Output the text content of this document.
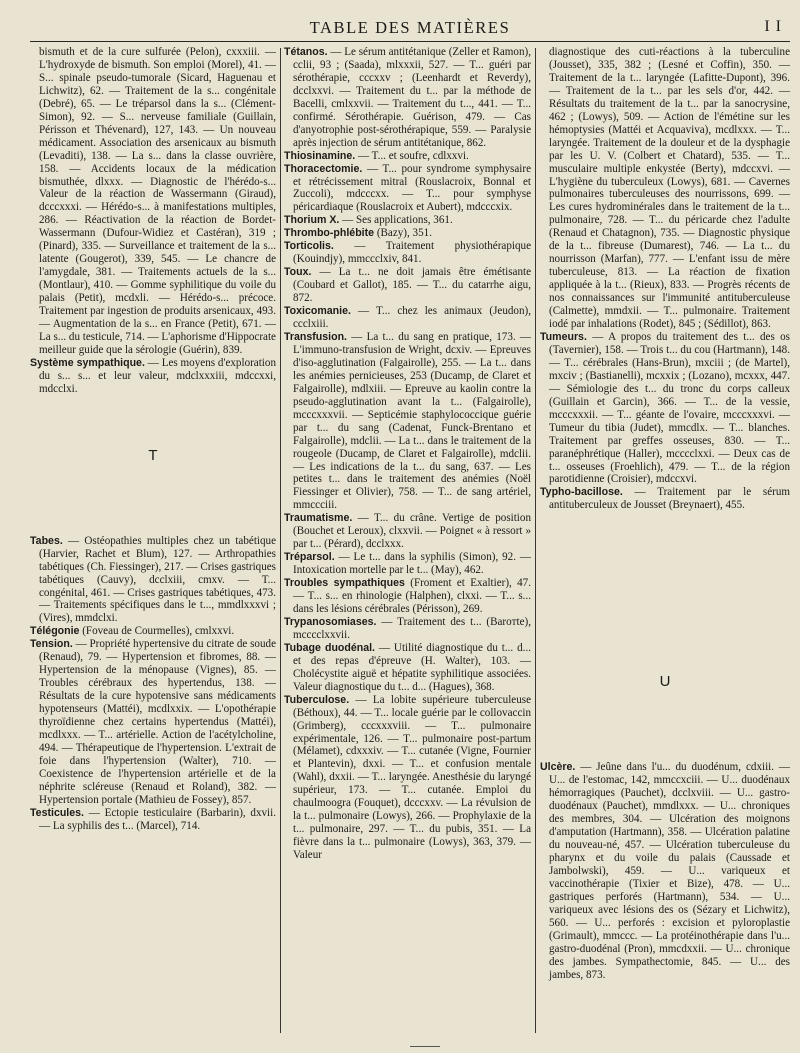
TABLE DES MATIÈRES	I I

bismuth et de la cure sulfurée (Pelon), cxxxiii. — L'hydroxyde de bismuth. Son emploi (Morel), 41. — S... spinale pseudo-tumorale (Sicard, Haguenau et Lichwitz), 62. — Traitement de la s... congénitale (Debré), 65. — Le tréparsol dans la s... (Clément-Simon), 92. — S... nerveuse familiale (Guillain, Périsson et Thévenard), 127, 143. — Un nouveau médicament. Association des arsenicaux au bismuth (Levaditi), 138. — La s... dans la classe ouvrière, 158. — Accidents locaux de la médication bismuthée, dlxxx. — Diagnostic de l'hérédo-s... Valeur de la réaction de Wassermann (Giraud), dcccxxxi. — Hérédo-s... à manifestations multiples, 286. — Réactivation de la réaction de Bordet-Wassermann (Dufour-Widiez et Castéran), 319 ; (Pinard), 335. — Surveillance et traitement de la s... latente (Gougerot), 339, 545. — Le chancre de l'amygdale, 381. — Traitements actuels de la s... (Montlaur), 410. — Gomme syphilitique du voile du palais (Petit), mcdxli. — Hérédo-s... précoce. Traitement par ingestion de produits arsenicaux, 493. — Augmentation de la s... en France (Petit), 671. — La s... du testicule, 714. — L'aphorisme d'Hippocrate meilleur guide que la sérologie (Guérin), 839.

Système sympathique. — Les moyens d'exploration du s... s... et leur valeur, mdclxxxiii, mdccxxi, mdcclxi.

T

Tabes. — Ostéopathies multiples chez un tabétique (Harvier, Rachet et Blum), 127. — Arthropathies tabétiques (Ch. Fiessinger), 217. — Crises gastriques tabétiques (Cauvy), dcclxiii, cmxv. — T... congénital, 461. — Crises gastriques tabétiques, 473. — Traitements spécifiques dans le t..., mmdlxxxvi ; (Vires), mmdclxi.

Télégonie (Foveau de Courmelles), cmlxxvi.

Tension. — Propriété hypertensive du citrate de soude (Renaud), 79. — Hypertension et fibromes, 88. — Hypertension de la ménopause (Vignes), 85. — Troubles cérébraux des hypertendus, 138. — Résultats de la cure hypotensive sans médicaments hypotenseurs (Mattéi), mcdlxxix. — L'opothérapie thyroïdienne chez certains hypertendus (Mattéi), mcdlxxx. — T... artérielle. Action de l'acétylcholine, 494. — Thérapeutique de l'hypertension. L'extrait de foie dans l'hypertension (Walter), 710. — Coexistence de l'hypertension artérielle et de la néphrite scléreuse (Renaud et Roland), 382. — Hypertension portale (Mathieu de Fossey), 857.

Testicules. — Ectopie testiculaire (Barbarin), dxvii. — La syphilis des t... (Marcel), 714.

Tétanos. — Le sérum antitétanique (Zeller et Ramon), cclii, 93 ; (Saada), mlxxxii, 527. — T... guéri par sérothérapie, cccxxv ; (Leenhardt et Reverdy), dcclxxvi. — Traitement du t... par la méthode de Bacelli, cmlxxvii. — Traitement du t..., 441. — T... confirmé. Sérothérapie. Guérison, 479. — Cas d'anyotrophie post-sérothérapique, 559. — Paralysie après injection de sérum antitétanique, 862.

Thiosinamine. — T... et soufre, cdlxxvi.

Thoracectomie. — T... pour syndrome symphysaire et rétrécissement mitral (Rouslacroix, Bonnal et Zuccoli), mdcccxx. — T... pour symphyse péricardiaque (Rouslacroix et Aubert), mdcccxix.

Thorium X. — Ses applications, 361.

Thrombo-phlébite (Bazy), 351.

Torticolis. — Traitement physiothérapique (Kouindjy), mmccclxiv, 841.

Toux. — La t... ne doit jamais être émétisante (Coubard et Gallot), 185. — T... du catarrhe aigu, 872.

Toxicomanie. — T... chez les animaux (Jeudon), ccclxiii.

Transfusion. — La t... du sang en pratique, 173. — L'immuno-transfusion de Wright, dcxiv. — Epreuves d'iso-agglutination (Falgairolle), 255. — La t... dans les anémies pernicieuses, 253 (Ducamp, de Claret et Falgairolle), mdlxiii. — Epreuve au kaolin contre la pseudo-agglutination avant la t... (Falgairolle), mcccxxxvii. — Septicémie staphylococcique guérie par t... du sang (Cadenat, Funck-Brentano et Falgairolle), mdclii. — La t... dans le traitement de la rougeole (Ducamp, de Claret et Falgairolle), mdclii. — Les indications de la t... du sang, 637. — Les petites t... dans le traitement des anémies (Noël Fiessinger et Olivier), 758. — T... de sang artériel, mmccciii.

Traumatisme. — T... du crâne. Vertige de position (Bouchet et Leroux), clxxvii. — Poignet « à ressort » par t... (Pérard), dcclxxx.

Tréparsol. — Le t... dans la syphilis (Simon), 92. — Intoxication mortelle par le t... (May), 462.

Troubles sympathiques (Froment et Exaltier), 47. — T... s... en rhinologie (Halphen), clxxi. — T... s... dans les lésions cérébrales (Périsson), 269.

Trypanosomiases. — Traitement des t... (Baroтte), mcccclxxvii.

Tubage duodénal. — Utilité diagnostique du t... d... et des repas d'épreuve (H. Walter), 103. — Cholécystite aiguë et hépatite syphilitique associées. Valeur diagnostique du t... d... (Hagues), 368.

Tuberculose. — La lobite supérieure tuberculeuse (Béthoux), 44. — T... locale guérie par le collovaccin (Grimberg), cccxxxviii. — T... pulmonaire expérimentale, 126. — T... pulmonaire post-partum (Mélamet), cdxxxiv. — T... cutanée (Vigne, Fournier et Plantevin), dxxi. — T... et confusion mentale (Wahl), dxxii. — T... laryngée. Anesthésie du laryngé supérieur, 173. — T... cutanée. Emploi du chaulmoogra (Fouquet), dcccxxv. — La révulsion de la t... pulmonaire (Lowys), 266. — Prophylaxie de la t... pulmonaire, 297. — T... du pubis, 351. — La fièvre dans la t... pulmonaire (Lowys), 363, 379. — Valeur

diagnostique des cuti-réactions à la tuberculine (Jousset), 335, 382 ; (Lesné et Coffin), 350. — Traitement de la t... laryngée (Lafitte-Dupont), 396. — Traitement de la t... par les sels d'or, 442. — Résultats du traitement de la t... par la sanocrysine, 462 ; (Lowys), 509. — Action de l'émétine sur les hémoptysies (Mattéi et Acquaviva), mcdlxxx. — T... laryngée. Traitement de la douleur et de la dysphagie par les U. V. (Colbert et Chatard), 535. — T... musculaire multiple enkystée (Berty), mdccxvi. — L'hygiène du tuberculeux (Lowys), 681. — Cavernes pulmonaires tuberculeuses des nourrissons, 699. — Les cures hydrominérales dans le traitement de la t... pulmonaire, 728. — T... du péricarde chez l'adulte (Renaud et Chatagnon), 735. — Diagnostic physique de la t... fibreuse (Dumarest), 746. — La t... du nourrisson (Marfan), 777. — L'enfant issu de mère tuberculeuse, 813. — La réaction de fixation appliquée à la t... (Rieux), 833. — Progrès récents de nos connaissances sur l'immunité antituberculeuse (Calmette), mmdxii. — T... pulmonaire. Traitement iodé par inhalations (Rodet), 845 ; (Sédillot), 863.

Tumeurs. — A propos du traitement des t... des os (Tavernier), 158. — Trois t... du cou (Hartmann), 148. — T... cérébrales (Hans-Brun), mxciii ; (de Martel), mxciv ; (Bastianelli), mcxxix ; (Lozano), mcxxx, 447. — Sémiologie des t... du tronc du corps calleux (Guillain et Garcin), 366. — T... de la vessie, mcccxxxii. — T... géante de l'ovaire, mcccxxxvi. — Tumeur du tibia (Judet), mmcdlx. — T... blanches. Traitement par greffes osseuses, 830. — T... paranéphrétique (Haller), mcccclxxi. — Deux cas de t... osseuses (Froehlich), 479. — T... de la région parotidienne (Croisier), mdccxvi.

Typho-bacillose. — Traitement par le sérum antituberculeux de Jousset (Breynaert), 455.

U

Ulcère. — Jeûne dans l'u... du duodénum, cdxiii. — U... de l'estomac, 142, mmccxciii. — U... duodénaux hémorragiques (Pauchet), dcclxviii. — U... gastro-duodénaux (Pauchet), mmdlxxx. — U... chroniques des membres, 304. — Ulcération des moignons d'amputation (Hartmann), 358. — Ulcération palatine du nouveau-né, 457. — Ulcération tuberculeuse du pharynx et du voile du palais (Caussade et Jambolwski), 459. — U... variqueux et vaccinothérapie (Tixier et Bize), 478. — U... gastriques perforés (Hartmann), 534. — U... variqueux avec lésions des os (Sézary et Lichwitz), 560. — U... perforés : excision et pyloroplastie (Grimault), mmccc. — La protéinothérapie dans l'u... gastro-duodénal (Pron), mmcdxxii. — U... chronique des jambes. Sympathectomie, 845. — U... des jambes, 873.
